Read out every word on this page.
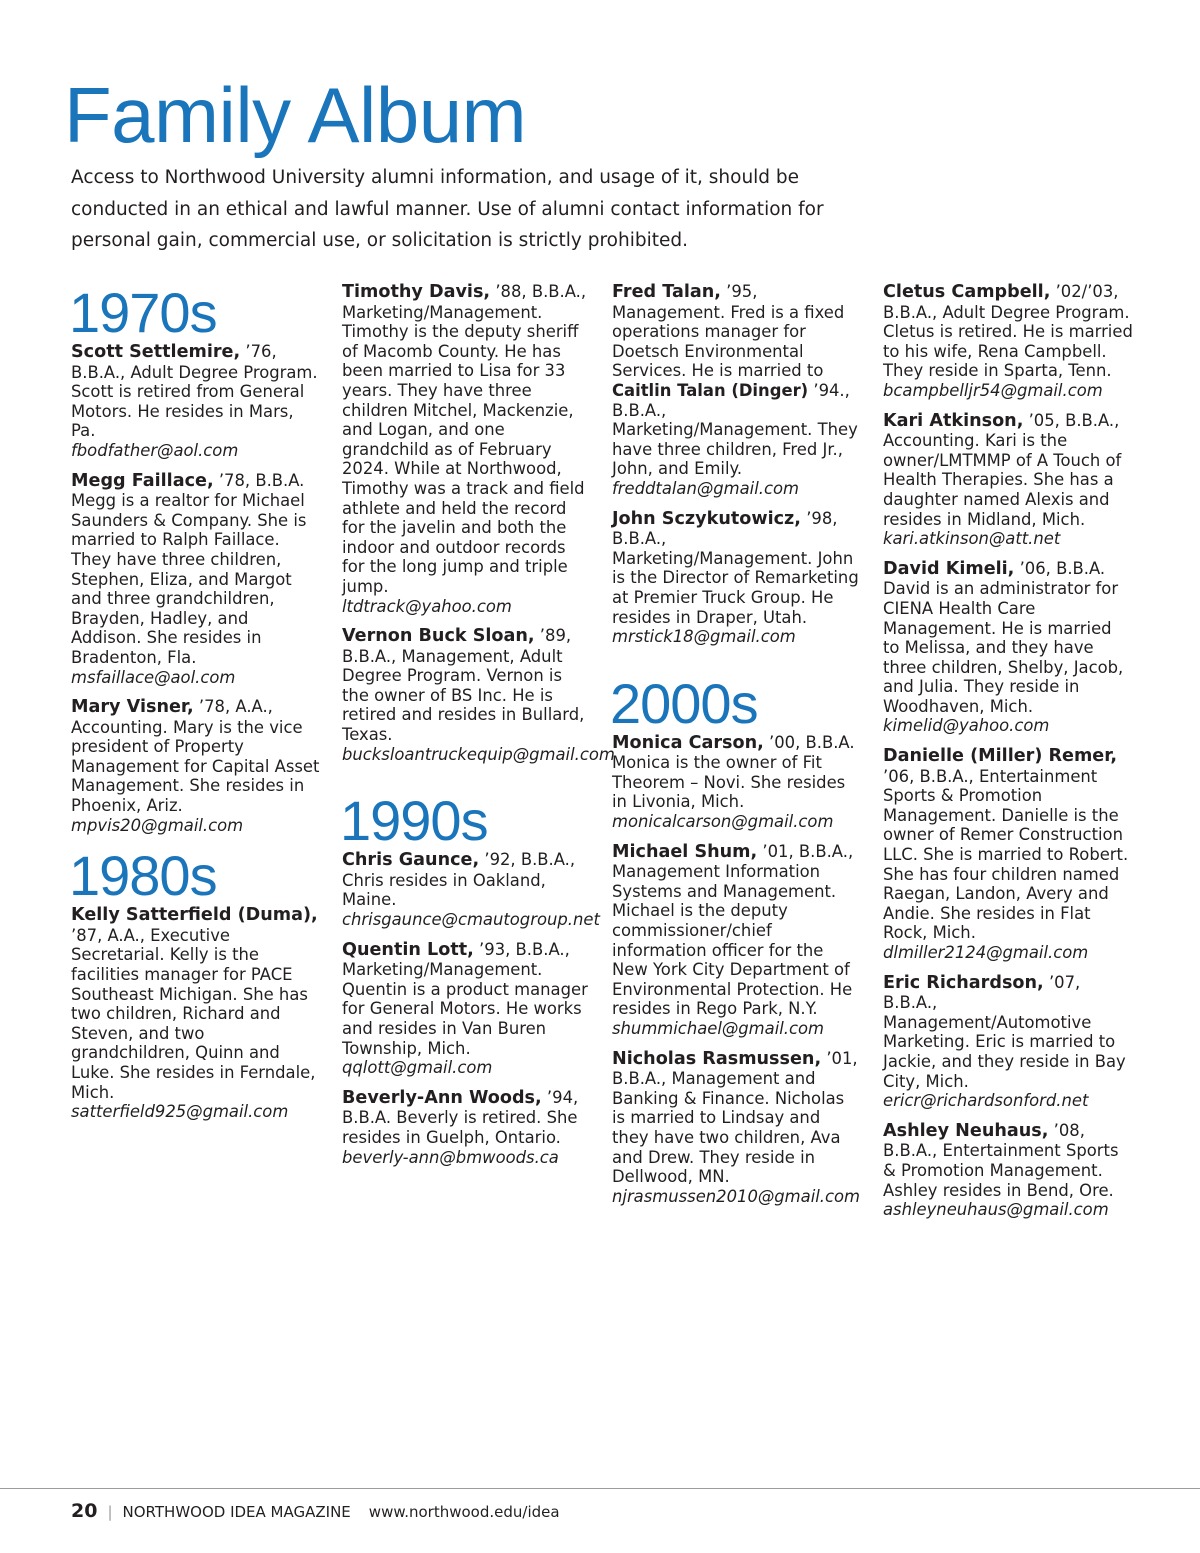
Family Album

Access to Northwood University alumni information, and usage of it, should be conducted in an ethical and lawful manner. Use of alumni contact information for personal gain, commercial use, or solicitation is strictly prohibited.

1970s

Scott Settlemire, ’76, B.B.A., Adult Degree Program. Scott is retired from General Motors. He resides in Mars, Pa.
fbodfather@aol.com

Megg Faillace, ’78, B.B.A. Megg is a realtor for Michael Saunders & Company. She is married to Ralph Faillace. They have three children, Stephen, Eliza, and Margot and three grandchildren, Brayden, Hadley, and Addison. She resides in Bradenton, Fla.
msfaillace@aol.com

Mary Visner, ’78, A.A., Accounting. Mary is the vice president of Property Management for Capital Asset Management. She resides in Phoenix, Ariz.
mpvis20@gmail.com

1980s

Kelly Satterfield (Duma), ’87, A.A., Executive Secretarial. Kelly is the facilities manager for PACE Southeast Michigan. She has two children, Richard and Steven, and two grandchildren, Quinn and Luke. She resides in Ferndale, Mich.
satterfield925@gmail.com

Timothy Davis, ’88, B.B.A., Marketing/Management. Timothy is the deputy sheriff of Macomb County. He has been married to Lisa for 33 years. They have three children Mitchel, Mackenzie, and Logan, and one grandchild as of February 2024. While at Northwood, Timothy was a track and field athlete and held the record for the javelin and both the indoor and outdoor records for the long jump and triple jump.
ltdtrack@yahoo.com

Vernon Buck Sloan, ’89, B.B.A., Management, Adult Degree Program. Vernon is the owner of BS Inc. He is retired and resides in Bullard, Texas.
bucksloantruckequip@gmail.com

1990s

Chris Gaunce, ’92, B.B.A., Chris resides in Oakland, Maine.
chrisgaunce@cmautogroup.net

Quentin Lott, ’93, B.B.A., Marketing/Management. Quentin is a product manager for General Motors. He works and resides in Van Buren Township, Mich.
qqlott@gmail.com

Beverly-Ann Woods, ’94, B.B.A. Beverly is retired. She resides in Guelph, Ontario.
beverly-ann@bmwoods.ca

Fred Talan, ’95, Management. Fred is a fixed operations manager for Doetsch Environmental Services. He is married to Caitlin Talan (Dinger) ’94., B.B.A., Marketing/Management. They have three children, Fred Jr., John, and Emily.
freddtalan@gmail.com

John Sczykutowicz, ’98, B.B.A., Marketing/Management. John is the Director of Remarketing at Premier Truck Group. He resides in Draper, Utah.
mrstick18@gmail.com

2000s

Monica Carson, ’00, B.B.A. Monica is the owner of Fit Theorem – Novi. She resides in Livonia, Mich.
monicalcarson@gmail.com

Michael Shum, ’01, B.B.A., Management Information Systems and Management. Michael is the deputy commissioner/chief information officer for the New York City Department of Environmental Protection. He resides in Rego Park, N.Y.
shummichael@gmail.com

Nicholas Rasmussen, ’01, B.B.A., Management and Banking & Finance. Nicholas is married to Lindsay and they have two children, Ava and Drew. They reside in Dellwood, MN.
njrasmussen2010@gmail.com

Cletus Campbell, ’02/’03, B.B.A., Adult Degree Program. Cletus is retired. He is married to his wife, Rena Campbell. They reside in Sparta, Tenn.
bcampbelljr54@gmail.com

Kari Atkinson, ’05, B.B.A., Accounting. Kari is the owner/LMTMMP of A Touch of Health Therapies. She has a daughter named Alexis and resides in Midland, Mich.
kari.atkinson@att.net

David Kimeli, ’06, B.B.A. David is an administrator for CIENA Health Care Management. He is married to Melissa, and they have three children, Shelby, Jacob, and Julia. They reside in Woodhaven, Mich.
kimelid@yahoo.com

Danielle (Miller) Remer, ’06, B.B.A., Entertainment Sports & Promotion Management. Danielle is the owner of Remer Construction LLC. She is married to Robert. She has four children named Raegan, Landon, Avery and Andie. She resides in Flat Rock, Mich.
dlmiller2124@gmail.com

Eric Richardson, ’07, B.B.A., Management/Automotive Marketing. Eric is married to Jackie, and they reside in Bay City, Mich.
ericr@richardsonford.net

Ashley Neuhaus, ’08, B.B.A., Entertainment Sports & Promotion Management. Ashley resides in Bend, Ore.
ashleyneuhaus@gmail.com

20 | NORTHWOOD IDEA MAGAZINE www.northwood.edu/idea
